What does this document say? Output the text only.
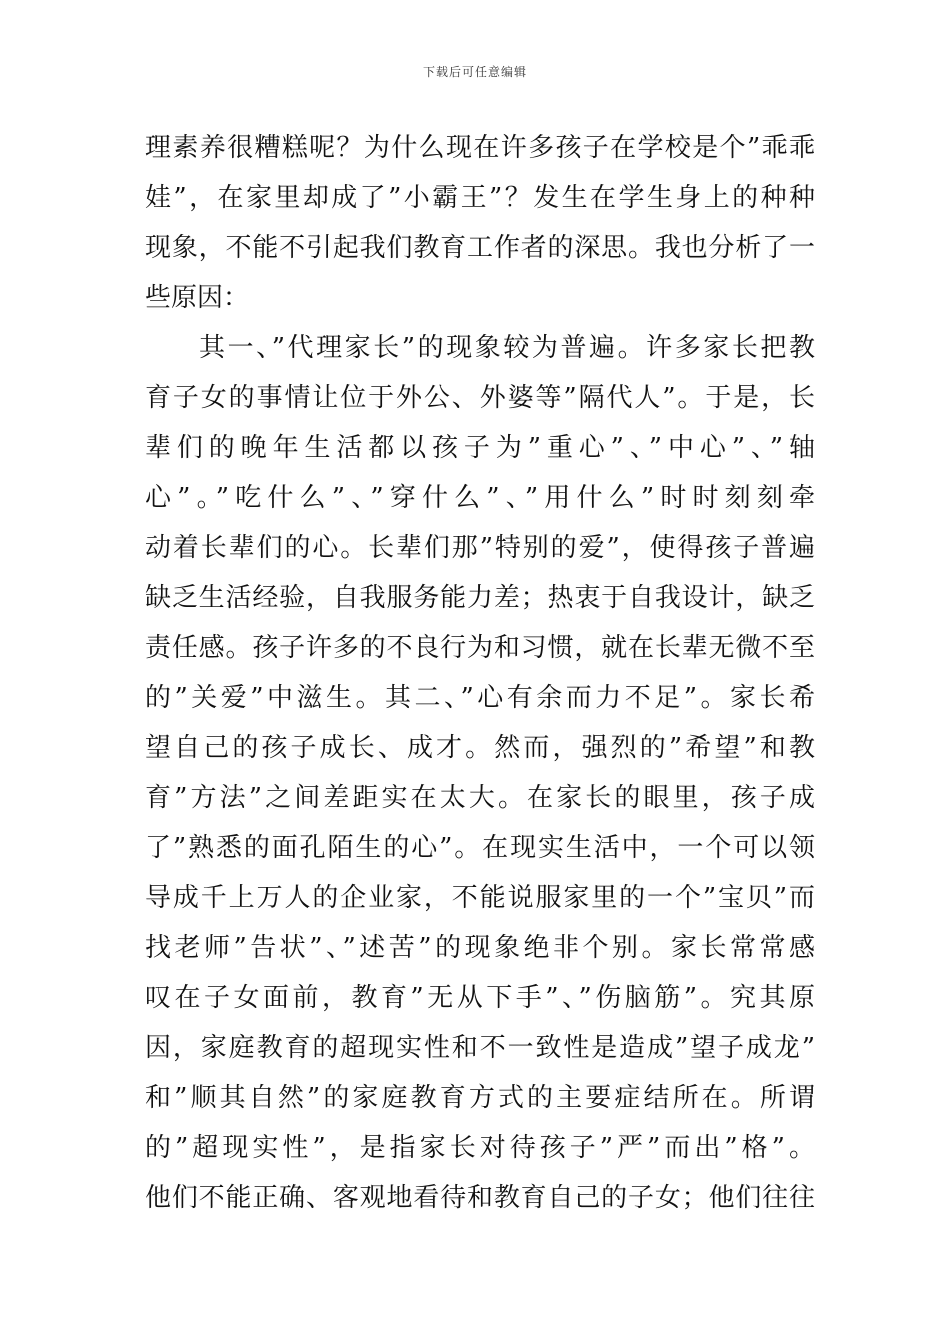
下载后可任意编辑
理素养很糟糕呢？为什么现在许多孩子在学校是个”乖乖
娃”，在家里却成了”小霸王”？发生在学生身上的种种
现象，不能不引起我们教育工作者的深思。我也分析了一
些原因：
其一、”代理家长”的现象较为普遍。许多家长把教
育子女的事情让位于外公、外婆等”隔代人”。于是，长
辈们的晚年生活都以孩子为”重心”、”中心”、”轴
心”。”吃什么”、”穿什么”、”用什么”时时刻刻牵
动着长辈们的心。长辈们那”特别的爱”，使得孩子普遍
缺乏生活经验，自我服务能力差；热衷于自我设计，缺乏
责任感。孩子许多的不良行为和习惯，就在长辈无微不至
的”关爱”中滋生。其二、”心有余而力不足”。家长希
望自己的孩子成长、成才。然而，强烈的”希望”和教
育”方法”之间差距实在太大。在家长的眼里，孩子成
了”熟悉的面孔陌生的心”。在现实生活中，一个可以领
导成千上万人的企业家，不能说服家里的一个”宝贝”而
找老师”告状”、”述苦”的现象绝非个别。家长常常感
叹在子女面前，教育”无从下手”、”伤脑筋”。究其原
因，家庭教育的超现实性和不一致性是造成”望子成龙”
和”顺其自然”的家庭教育方式的主要症结所在。所谓
的”超现实性”，是指家长对待孩子”严”而出”格”。
他们不能正确、客观地看待和教育自己的子女；他们往往
